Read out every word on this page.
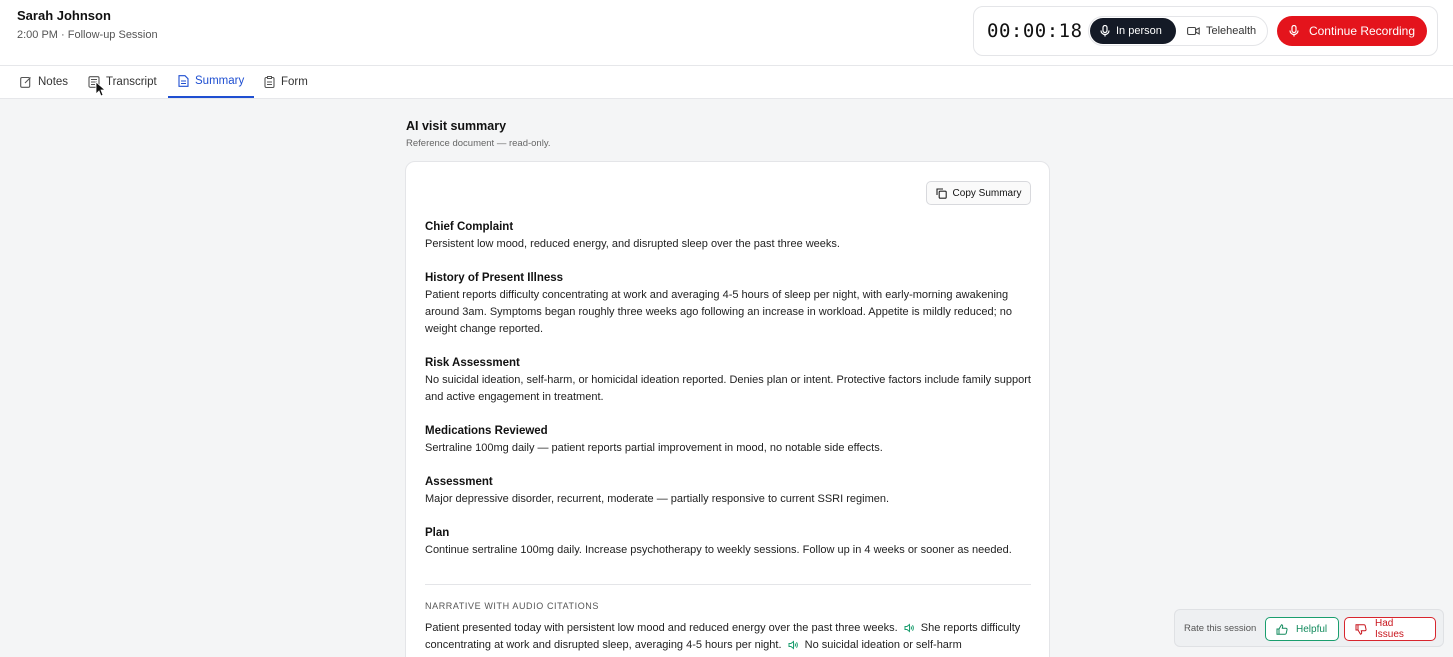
Sarah Johnson
2:00 PM · Follow-up Session	00:00:18	In person	Telehealth	Continue Recording
Notes	Transcript	Summary	Form
AI visit summary
Reference document — read-only.
Copy Summary
Chief Complaint
Persistent low mood, reduced energy, and disrupted sleep over the past three weeks.
History of Present Illness
Patient reports difficulty concentrating at work and averaging 4-5 hours of sleep per night, with early-morning awakening around 3am. Symptoms began roughly three weeks ago following an increase in workload. Appetite is mildly reduced; no weight change reported.
Risk Assessment
No suicidal ideation, self-harm, or homicidal ideation reported. Denies plan or intent. Protective factors include family support and active engagement in treatment.
Medications Reviewed
Sertraline 100mg daily — patient reports partial improvement in mood, no notable side effects.
Assessment
Major depressive disorder, recurrent, moderate — partially responsive to current SSRI regimen.
Plan
Continue sertraline 100mg daily. Increase psychotherapy to weekly sessions. Follow up in 4 weeks or sooner as needed.
NARRATIVE WITH AUDIO CITATIONS
Patient presented today with persistent low mood and reduced energy over the past three weeks. She reports difficulty concentrating at work and disrupted sleep, averaging 4-5 hours per night. No suicidal ideation or self-harm
Rate this session	Helpful	Had Issues
